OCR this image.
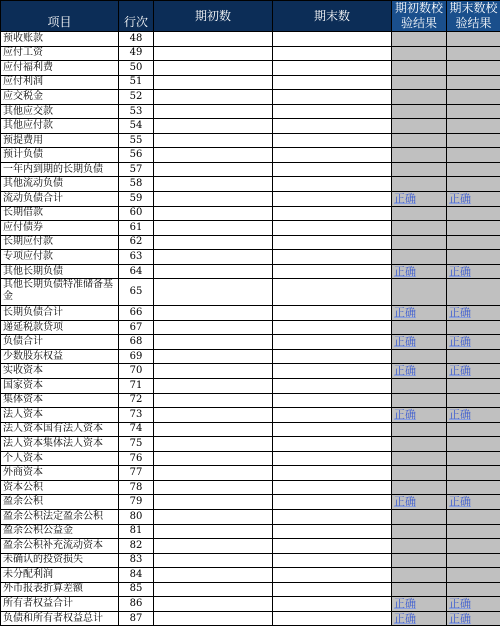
项目	行次	期初数	期末数	期初数校验结果	期末数校验结果
预收账款	48				
应付工资	49				
应付福利费	50				
应付利润	51				
应交税金	52				
其他应交款	53				
其他应付款	54				
预提费用	55				
预计负债	56				
一年内到期的长期负债	57				
其他流动负债	58				
流动负债合计	59			正确	正确
长期借款	60				
应付债券	61				
长期应付款	62				
专项应付款	63				
其他长期负债	64			正确	正确
其他长期负债特准储备基金	65				
长期负债合计	66			正确	正确
递延税款贷项	67				
负债合计	68			正确	正确
少数股东权益	69				
实收资本	70			正确	正确
国家资本	71				
集体资本	72				
法人资本	73			正确	正确
法人资本国有法人资本	74				
法人资本集体法人资本	75				
个人资本	76				
外商资本	77				
资本公积	78				
盈余公积	79			正确	正确
盈余公积法定盈余公积	80				
盈余公积公益金	81				
盈余公积补充流动资本	82				
未确认的投资损失	83				
未分配利润	84				
外币报表折算差额	85				
所有者权益合计	86			正确	正确
负债和所有者权益总计	87			正确	正确
